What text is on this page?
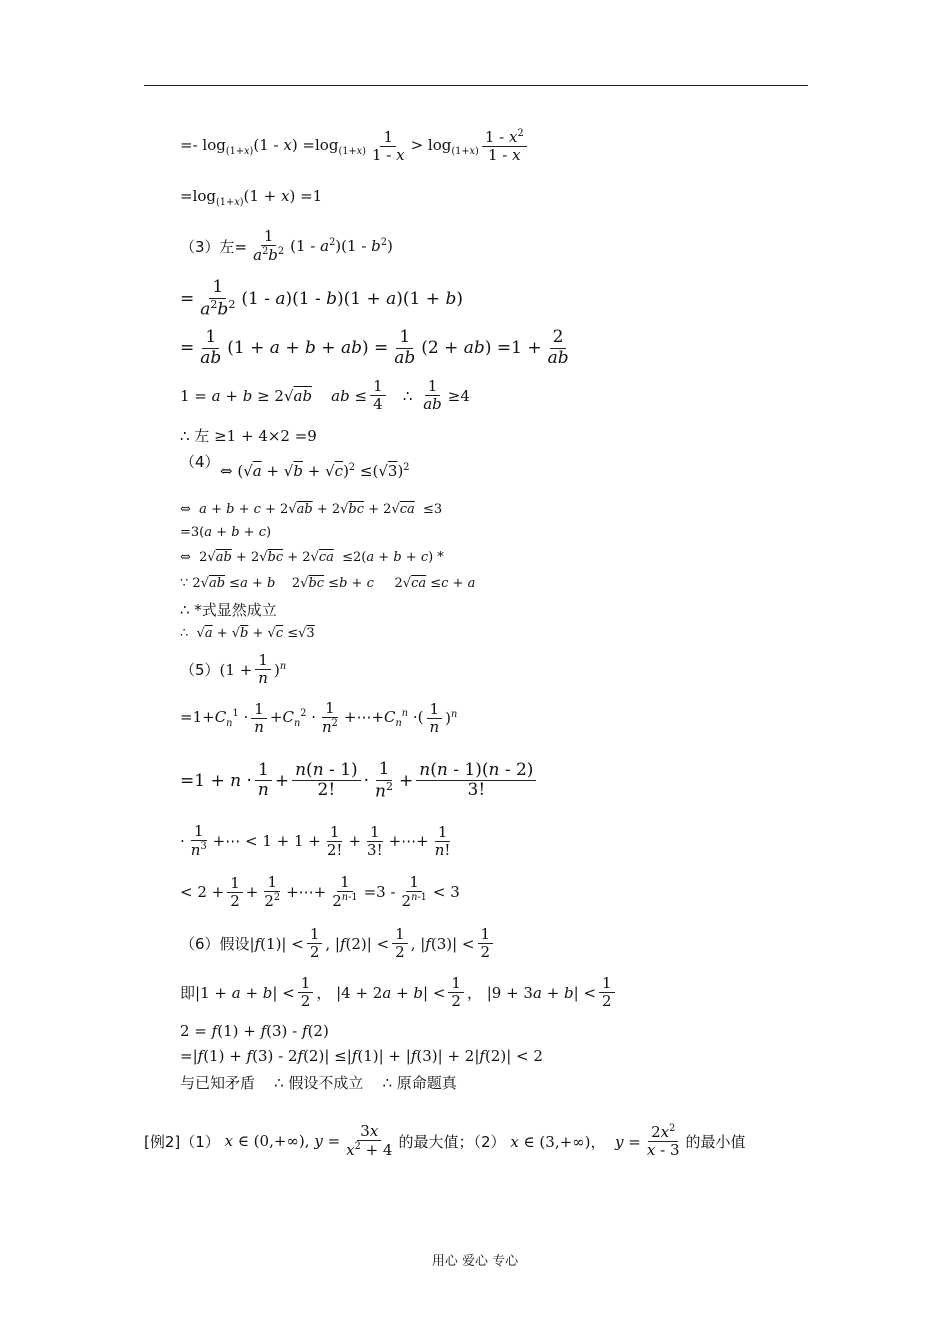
=- $\log_{(1+x)}(1 - x) =\log_{(1+x)} \frac{1}{1 - x} > \log_{(1+x)} \frac{1 - x^2}{1 - x}$
$=\log_{(1+x)}(1 + x) =1$
（3）左= $\frac{1}{a^2b^2} (1 - a^2)(1 - b^2)$
= $\frac{1}{a^2b^2} (1 - a)(1 - b)(1 + a)(1 + b)$
= $\frac{1}{ab} (1 + a + b + ab) = \frac{1}{ab} (2 + ab) =1 + \frac{2}{ab}$
1 = a + b ≥ 2√ab ab ≤ $\frac{1}{4}$ ∴ $\frac{1}{ab} \ge 4$
∴ 左 ≥1 + 4×2 =9
（4） ⇔ $(√a + √b + √c)^2 \le(√3)^2$
⇔  a + b + c + 2√ab + 2√bc + 2√ca  ≤3
=3(a + b + c)
⇔  2√ab + 2√bc + 2√ca  ≤2(a + b + c) *
∵ 2√ab ≤a + b    2√bc ≤b + c     2√ca ≤c + a
∴ *式显然成立
∴  √a + √b + √c ≤√3
（5） $(1 + \frac{1}{n} )^n$
$=1+C_n^1 \cdot \frac{1}{n} +C_n^2 \cdot \frac{1}{n^2}$ $+\cdots+C_n^n$ ·( $\frac{1}{n} )^n$
$=1 + n \cdot \frac{1}{n} + \frac{n(n - 1)}{2!} \cdot \frac{1}{n^2} + \frac{n(n - 1)(n - 2)}{3!}$
· $\frac{1}{n^3}$ +⋯ < $1 + 1 + \frac{1}{2!} + \frac{1}{3!}$ +⋯+ $\frac{1}{n!}$
< $2 + \frac{1}{2} + \frac{1}{2^2}$ +⋯+ $\frac{1}{2^{n-1}} =3 - \frac{1}{2^{n-1}} < 3$
（6）假设 $|f(1)| < \frac{1}{2}$ , $|f(2)| < \frac{1}{2}$ , $|f(3)| < \frac{1}{2}$
即 $|1 + a + b| < \frac{1}{2}$ ， $|4 + 2a + b| < \frac{1}{2}$ ， $|9 + 3a + b| < \frac{1}{2}$
2 = f(1) + f(3) - f(2)
=|f(1) + f(3) - 2f(2)| ≤|f(1)| + |f(3)| + 2|f(2)| < 2
与已知矛盾    ∴ 假设不成立    ∴ 原命题真
[例2]（1） x ∈ (0,+∞), $y = \frac{3x}{x^2 + 4}$ 的最大值；（2） x ∈ (3,+∞)，  $y = \frac{2x^2}{x - 3}$ 的最小值
用心 爱心 专心
